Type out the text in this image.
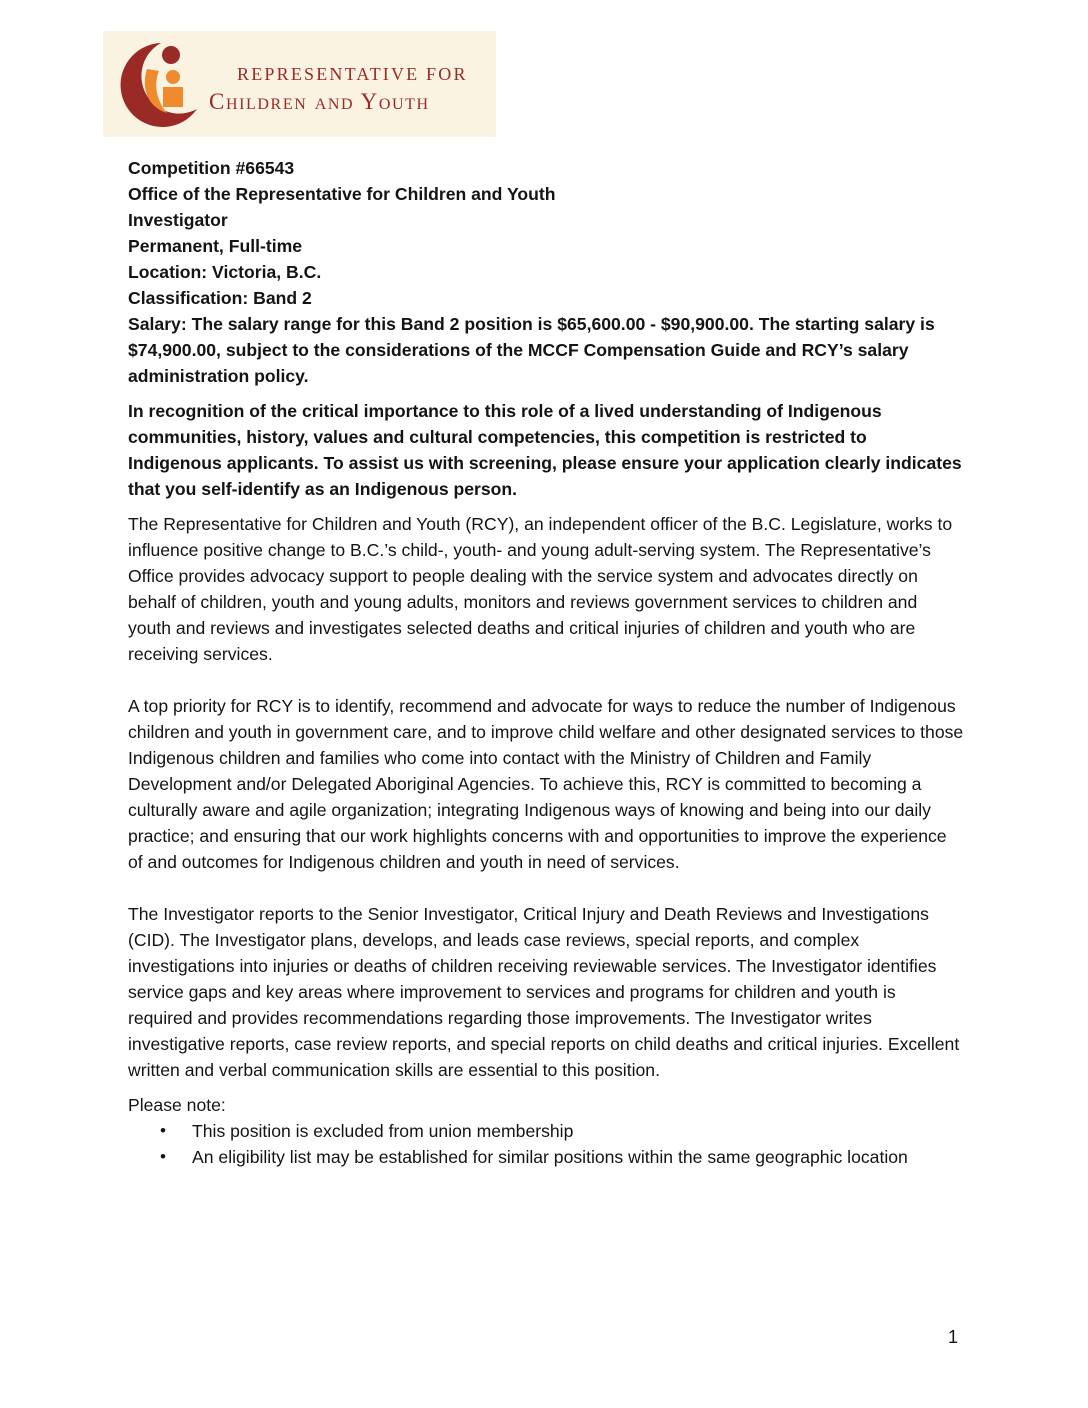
REPRESENTATIVE FOR
Children and Youth

Competition #66543

Office of the Representative for Children and Youth

Investigator

Permanent, Full-time

Location: Victoria, B.C.

Classification: Band 2

Salary: The salary range for this Band 2 position is $65,600.00 - $90,900.00. The starting salary is $74,900.00, subject to the considerations of the MCCF Compensation Guide and RCY’s salary administration policy.

In recognition of the critical importance to this role of a lived understanding of Indigenous communities, history, values and cultural competencies, this competition is restricted to Indigenous applicants. To assist us with screening, please ensure your application clearly indicates that you self-identify as an Indigenous person.

The Representative for Children and Youth (RCY), an independent officer of the B.C. Legislature, works to influence positive change to B.C.’s child-, youth- and young adult-serving system. The Representative’s Office provides advocacy support to people dealing with the service system and advocates directly on behalf of children, youth and young adults, monitors and reviews government services to children and youth and reviews and investigates selected deaths and critical injuries of children and youth who are receiving services.

A top priority for RCY is to identify, recommend and advocate for ways to reduce the number of Indigenous children and youth in government care, and to improve child welfare and other designated services to those Indigenous children and families who come into contact with the Ministry of Children and Family Development and/or Delegated Aboriginal Agencies. To achieve this, RCY is committed to becoming a culturally aware and agile organization; integrating Indigenous ways of knowing and being into our daily practice; and ensuring that our work highlights concerns with and opportunities to improve the experience of and outcomes for Indigenous children and youth in need of services.

The Investigator reports to the Senior Investigator, Critical Injury and Death Reviews and Investigations (CID). The Investigator plans, develops, and leads case reviews, special reports, and complex investigations into injuries or deaths of children receiving reviewable services. The Investigator identifies service gaps and key areas where improvement to services and programs for children and youth is required and provides recommendations regarding those improvements. The Investigator writes investigative reports, case review reports, and special reports on child deaths and critical injuries. Excellent written and verbal communication skills are essential to this position.

Please note:

• This position is excluded from union membership
• An eligibility list may be established for similar positions within the same geographic location
1
